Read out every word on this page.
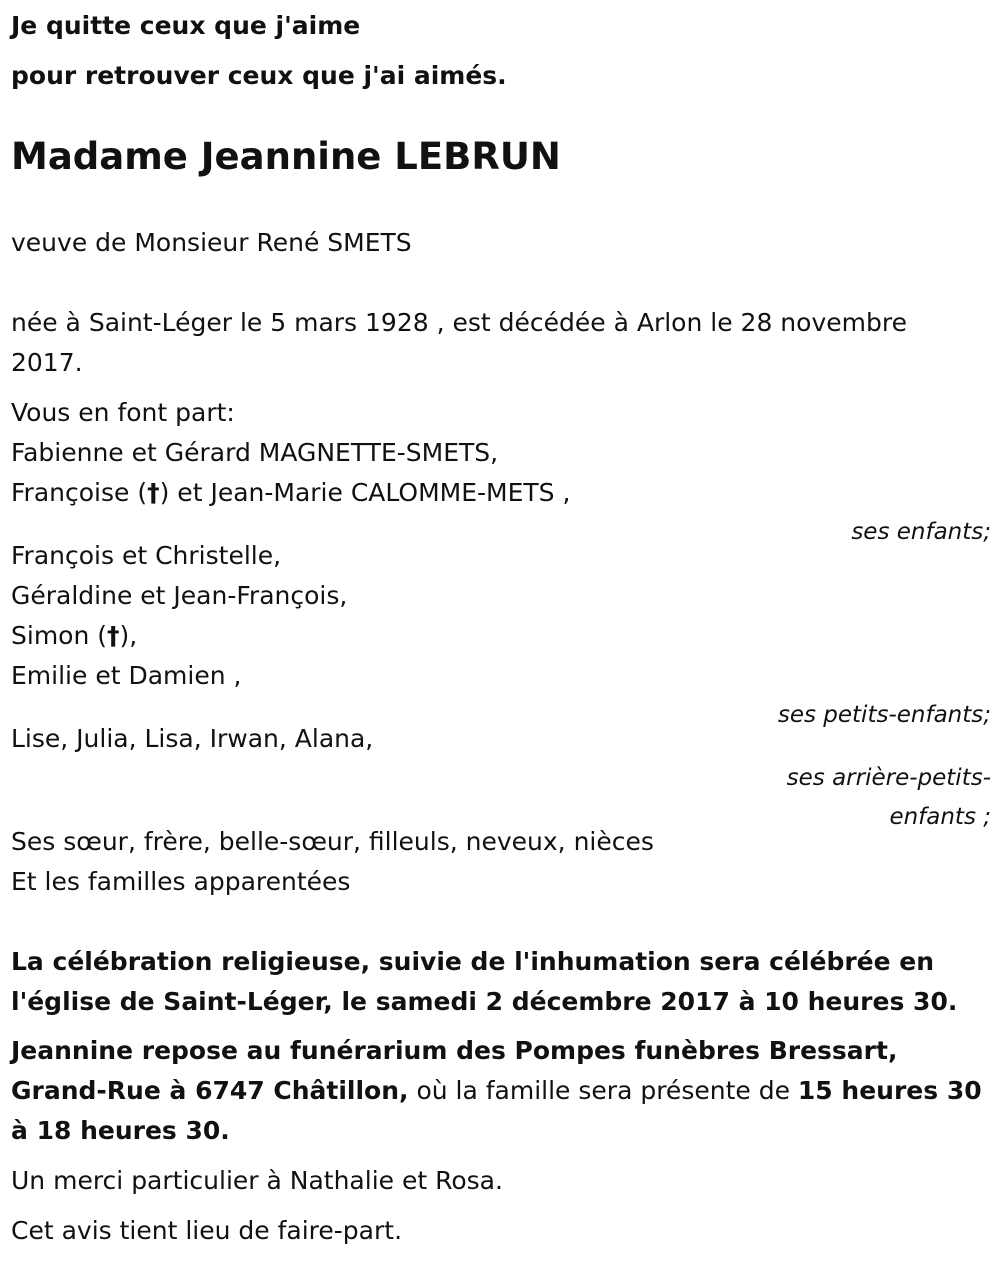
Je quitte ceux que j'aime
pour retrouver ceux que j'ai aimés.
Madame Jeannine LEBRUN
veuve de Monsieur René SMETS
née à Saint-Léger le 5 mars 1928 , est décédée à Arlon le 28 novembre
2017.
Vous en font part:
Fabienne et Gérard MAGNETTE-SMETS,
Françoise (†) et Jean-Marie CALOMME-METS ,
ses enfants;
François et Christelle,
Géraldine et Jean-François,
Simon (†),
Emilie et Damien ,
ses petits-enfants;
Lise, Julia, Lisa, Irwan, Alana,
ses arrière-petits-
enfants ;
Ses sœur, frère, belle-sœur, filleuls, neveux, nièces
Et les familles apparentées
La célébration religieuse, suivie de l'inhumation sera célébrée en
l'église de Saint-Léger, le samedi 2 décembre 2017 à 10 heures 30.
Jeannine repose au funérarium des Pompes funèbres Bressart,
Grand-Rue à 6747 Châtillon, où la famille sera présente de 15 heures 30
à 18 heures 30.
Un merci particulier à Nathalie et Rosa.
Cet avis tient lieu de faire-part.
